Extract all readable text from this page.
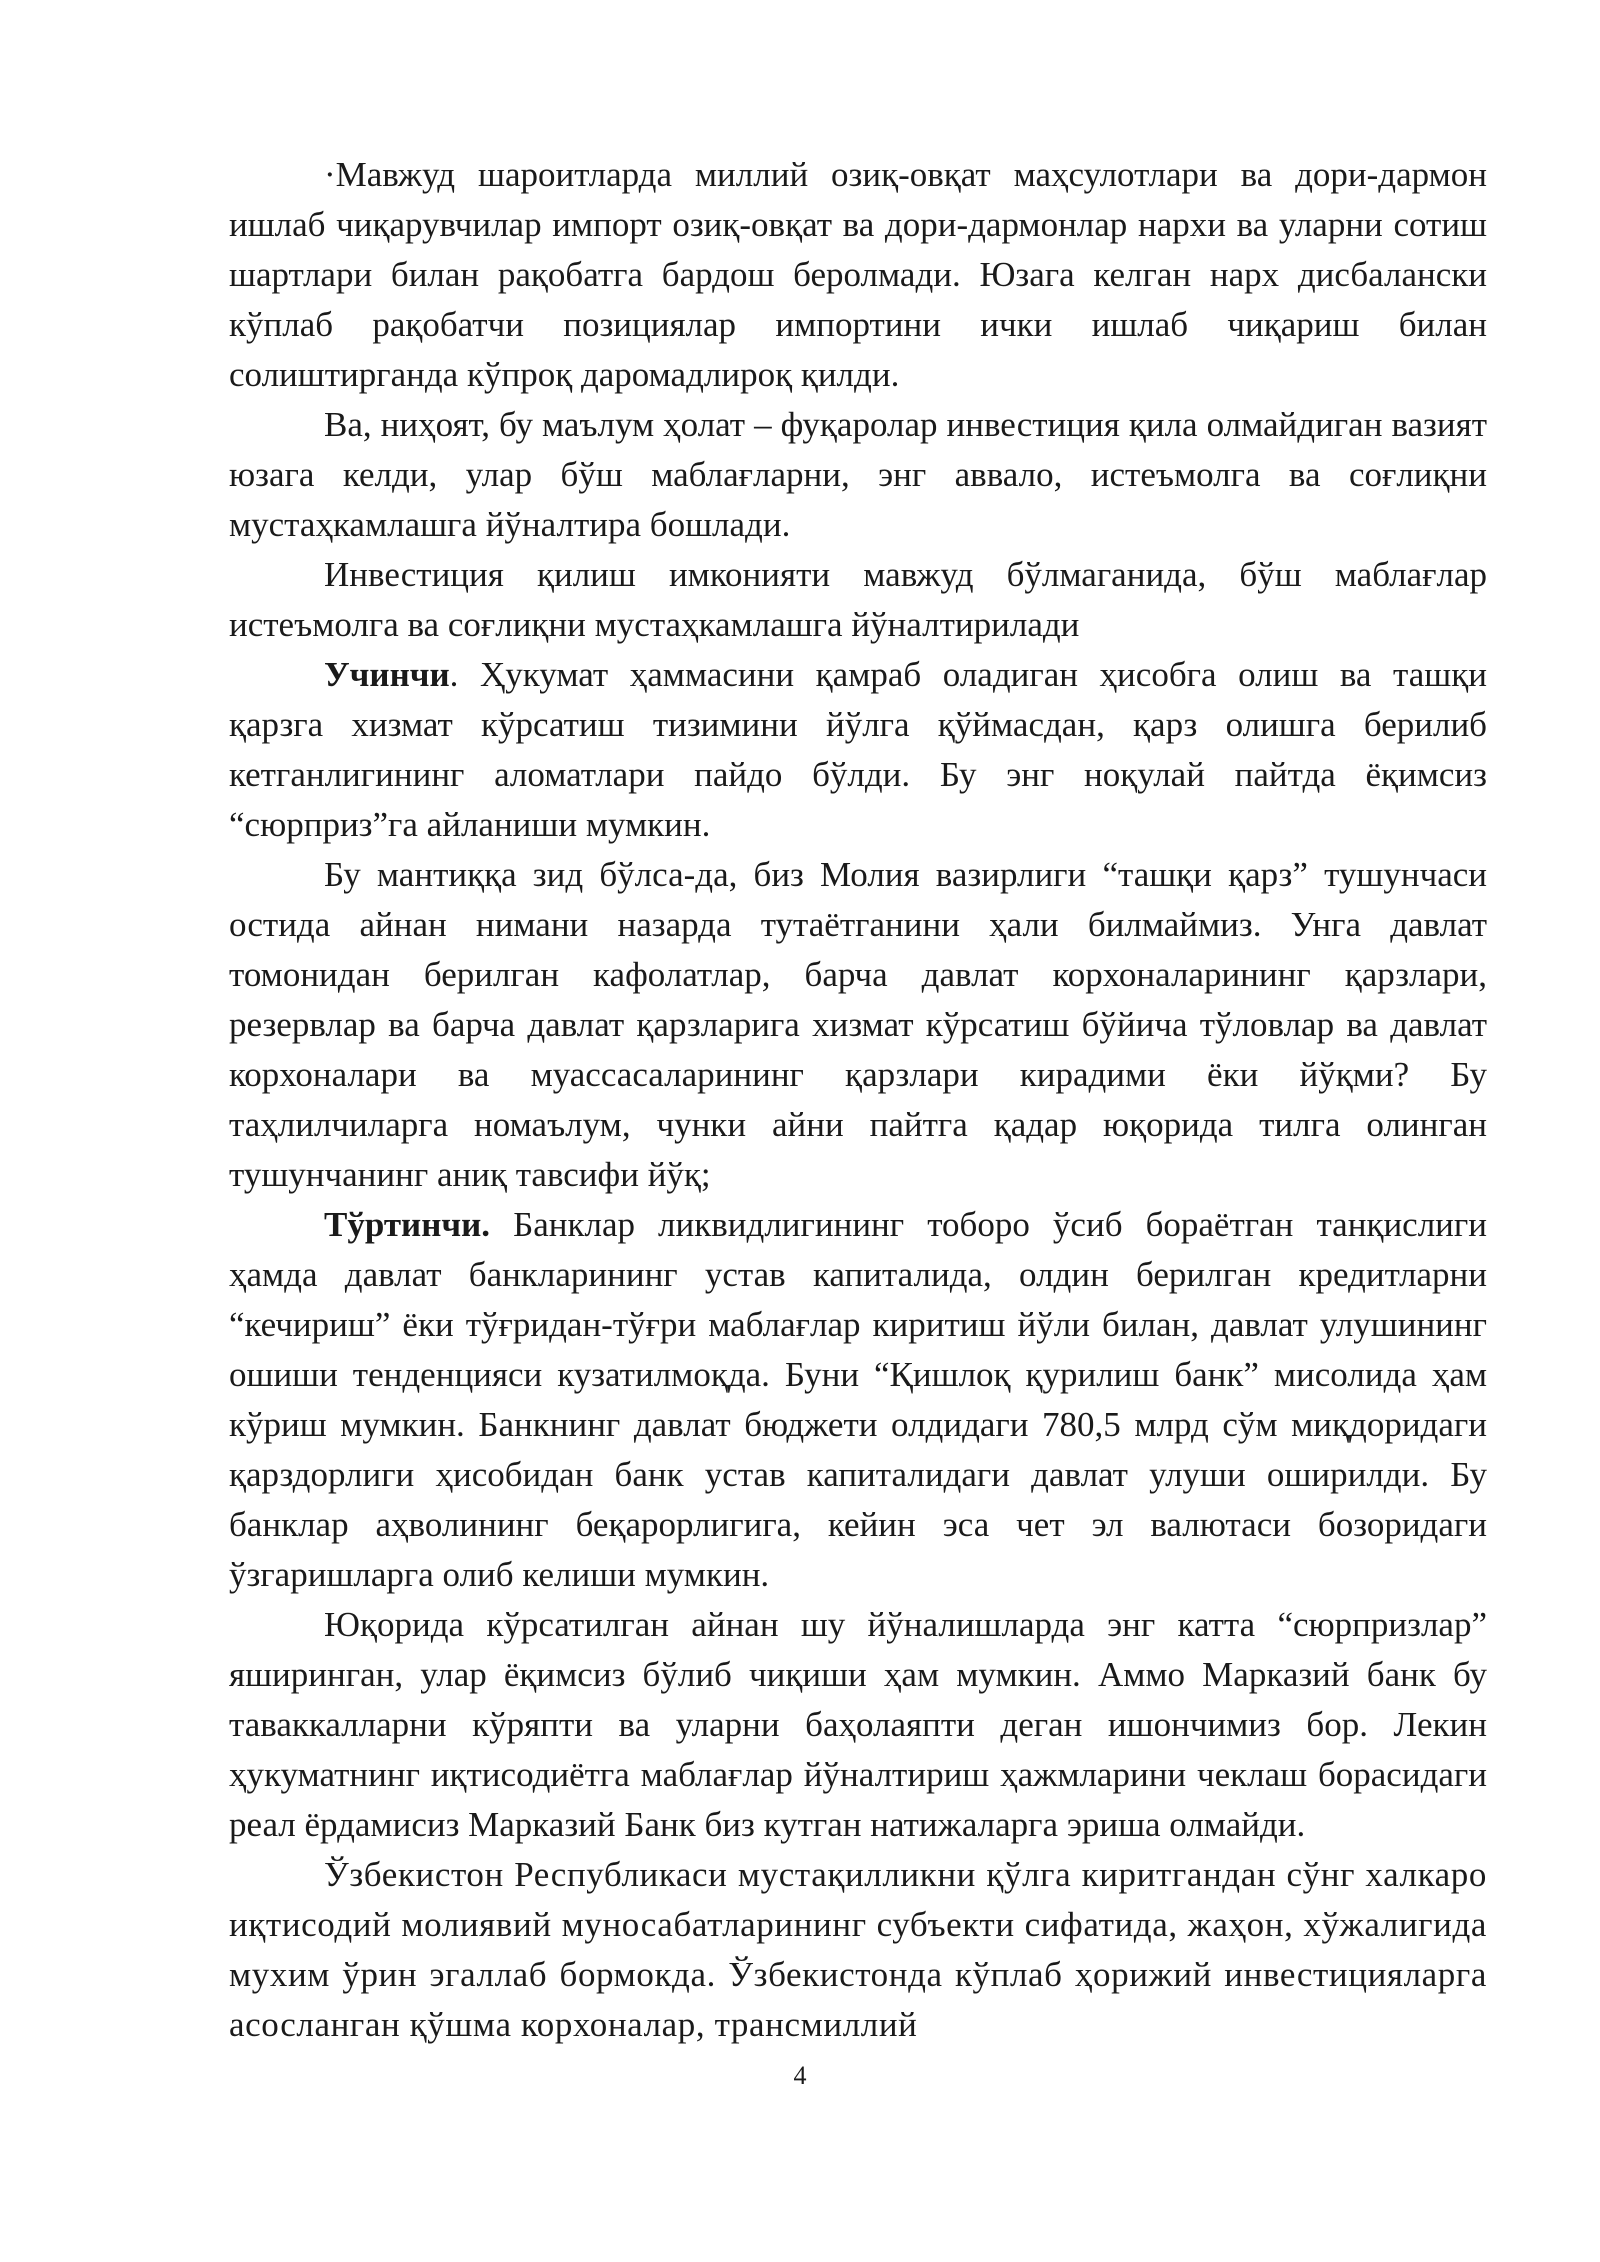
·Мавжуд шароитларда миллий озиқ-овқат маҳсулотлари ва дори-дармон ишлаб чиқарувчилар импорт озиқ-овқат ва дори-дармонлар нархи ва уларни сотиш шартлари билан рақобатга бардош беролмади. Юзага келган нарх дисбалански кўплаб рақобатчи позициялар импортини ички ишлаб чиқариш билан солиштирганда кўпроқ даромадлироқ қилди.

Ва, ниҳоят, бу маълум ҳолат – фуқаролар инвестиция қила олмайдиган вазият юзага келди, улар бўш маблағларни, энг аввало, истеъмолга ва соғлиқни мустаҳкамлашга йўналтира бошлади.

Инвестиция қилиш имконияти мавжуд бўлмаганида, бўш маблағлар истеъмолга ва соғлиқни мустаҳкамлашга йўналтирилади

Учинчи. Ҳукумат ҳаммасини қамраб оладиган ҳисобга олиш ва ташқи қарзга хизмат кўрсатиш тизимини йўлга қўймасдан, қарз олишга берилиб кетганлигининг аломатлари пайдо бўлди. Бу энг ноқулай пайтда ёқимсиз “сюрприз”га айланиши мумкин.

Бу мантиққа зид бўлса-да, биз Молия вазирлиги “ташқи қарз” тушунчаси остида айнан нимани назарда тутаётганини ҳали билмаймиз. Унга давлат томонидан берилган кафолатлар, барча давлат корхоналарининг қарзлари, резервлар ва барча давлат қарзларига хизмат кўрсатиш бўйича тўловлар ва давлат корхоналари ва муассасаларининг қарзлари кирадими ёки йўқми? Бу таҳлилчиларга номаълум, чунки айни пайтга қадар юқорида тилга олинган тушунчанинг аниқ тавсифи йўқ;

Тўртинчи. Банклар ликвидлигининг тоборо ўсиб бораётган танқислиги ҳамда давлат банкларининг устав капиталида, олдин берилган кредитларни “кечириш” ёки тўғридан-тўғри маблағлар киритиш йўли билан, давлат улушининг ошиши тенденцияси кузатилмоқда. Буни “Қишлоқ қурилиш банк” мисолида ҳам кўриш мумкин. Банкнинг давлат бюджети олдидаги 780,5 млрд сўм миқдоридаги қарздорлиги ҳисобидан банк устав капиталидаги давлат улуши оширилди. Бу банклар аҳволининг беқарорлигига, кейин эса чет эл валютаси бозоридаги ўзгаришларга олиб келиши мумкин.

Юқорида кўрсатилган айнан шу йўналишларда энг катта “сюрпризлар” яширинган, улар ёқимсиз бўлиб чиқиши ҳам мумкин. Аммо Марказий банк бу таваккалларни кўряпти ва уларни баҳолаяпти деган ишончимиз бор. Лекин ҳукуматнинг иқтисодиётга маблағлар йўналтириш ҳажмларини чеклаш борасидаги реал ёрдамисиз Марказий Банк биз кутган натижаларга эриша олмайди.

Ўзбекистон Республикаси мустақилликни қўлга киритгандан сўнг халкаро иқтисодий молиявий муносабатларининг субъекти сифатида, жаҳон, хўжалигида мухим ўрин эгаллаб бормокда. Ўзбекистонда кўплаб ҳорижий инвестицияларга асосланган қўшма корхоналар, трансмиллий

4
